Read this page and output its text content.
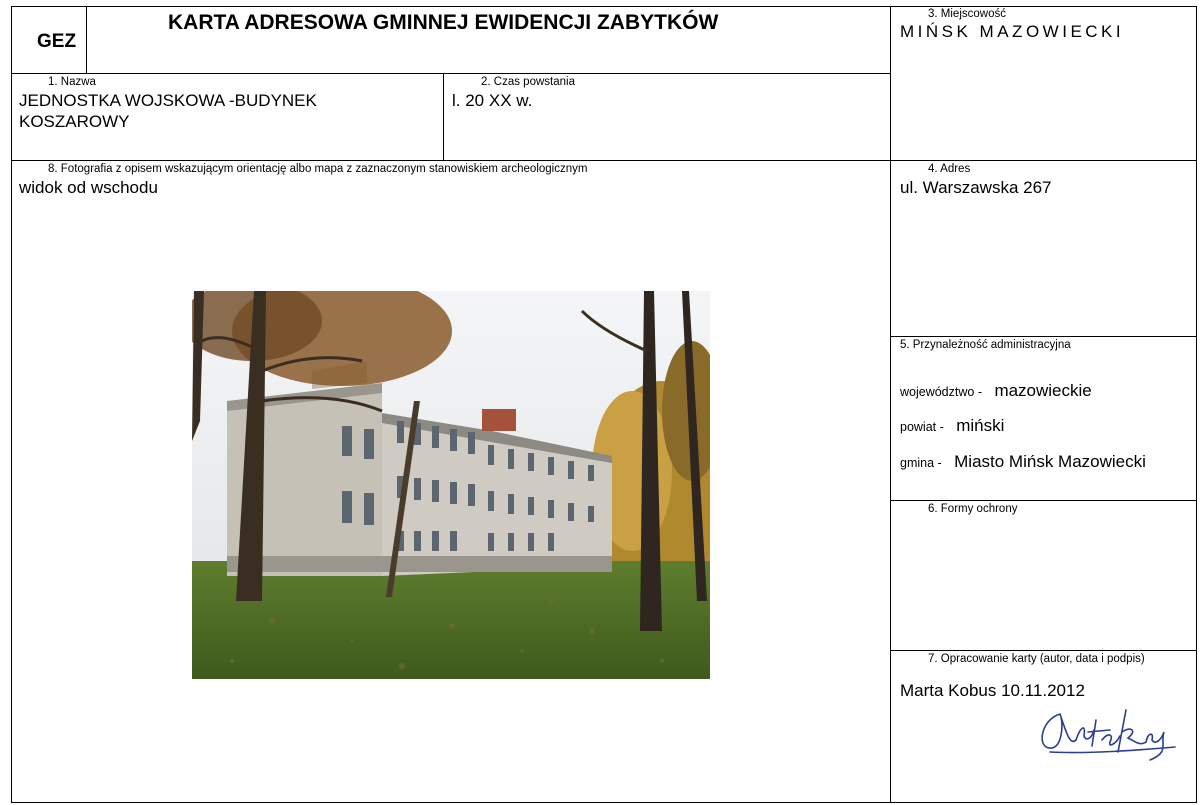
GEZ
KARTA ADRESOWA GMINNEJ EWIDENCJI ZABYTKÓW	3. Miejscowość
MIŃSK MAZOWIECKI
1. Nazwa
JEDNOSTKA WOJSKOWA -BUDYNEK
KOSZAROWY
2. Czas powstania
l. 20 XX w.
8. Fotografia z opisem wskazującym orientację albo mapa z zaznaczonym stanowiskiem archeologicznym
widok od wschodu
4. Adres
ul. Warszawska 267
5. Przynależność administracyjna
województwo - mazowieckie
powiat - miński
gmina - Miasto Mińsk Mazowiecki
6. Formy ochrony
7. Opracowanie karty (autor, data i podpis)
Marta Kobus 10.11.2012
